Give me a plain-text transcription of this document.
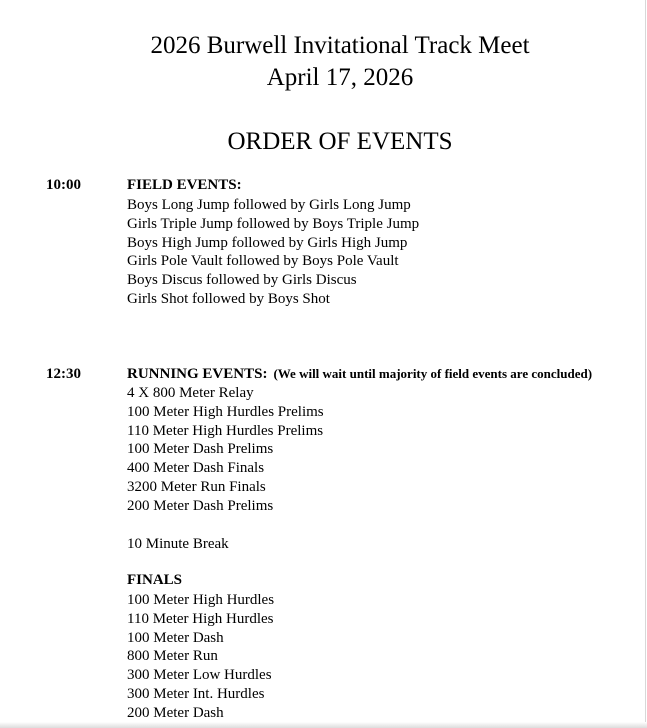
2026 Burwell Invitational Track Meet
April 17, 2026
ORDER OF EVENTS
10:00	FIELD EVENTS:
Boys Long Jump followed by Girls Long Jump
Girls Triple Jump followed by Boys Triple Jump
Boys High Jump followed by Girls High Jump
Girls Pole Vault followed by Boys Pole Vault
Boys Discus followed by Girls Discus
Girls Shot followed by Boys Shot
12:30	RUNNING EVENTS: (We will wait until majority of field events are concluded)
4 X 800 Meter Relay
100 Meter High Hurdles Prelims
110 Meter High Hurdles Prelims
100 Meter Dash Prelims
400 Meter Dash Finals
3200 Meter Run Finals
200 Meter Dash Prelims
10 Minute Break
FINALS
100 Meter High Hurdles
110 Meter High Hurdles
100 Meter Dash
800 Meter Run
300 Meter Low Hurdles
300 Meter Int. Hurdles
200 Meter Dash
